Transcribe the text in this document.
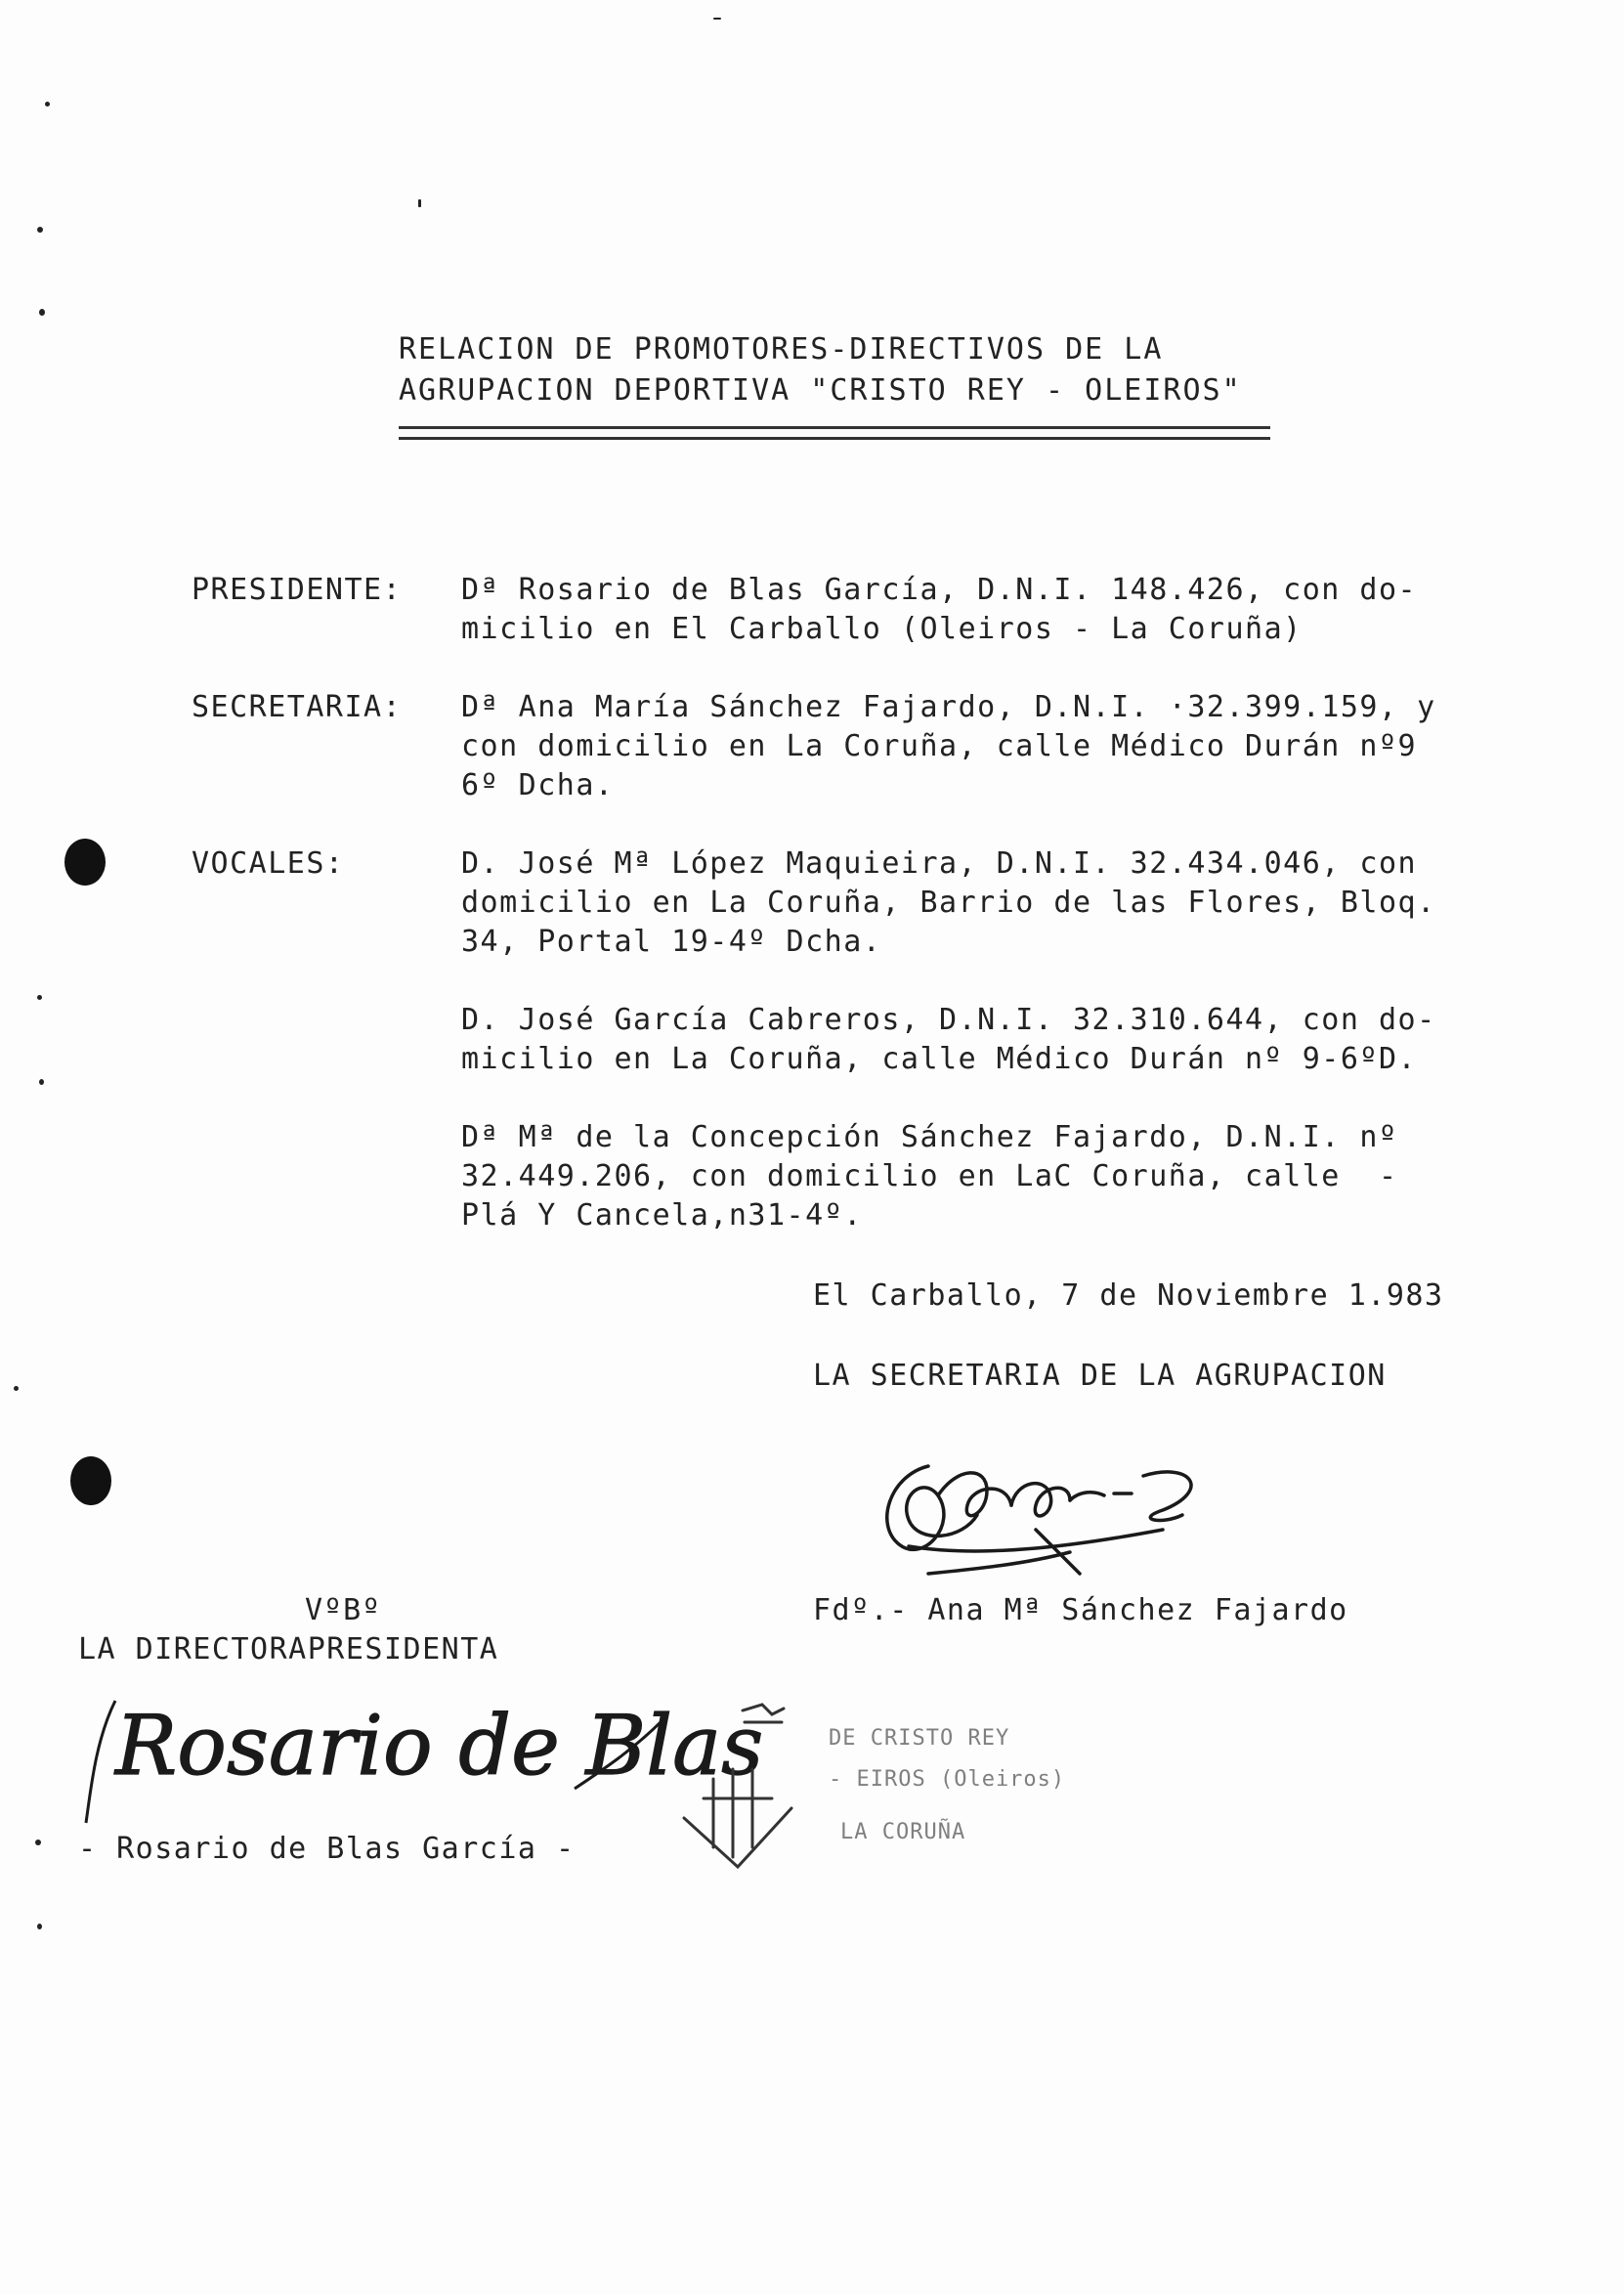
RELACION DE PROMOTORES-DIRECTIVOS DE LA
AGRUPACION DEPORTIVA "CRISTO REY - OLEIROS"
PRESIDENTE: Dª Rosario de Blas García, D.N.I. 148.426, con do-
micilio en El Carballo (Oleiros - La Coruña)
SECRETARIA: Dª Ana María Sánchez Fajardo, D.N.I. ·32.399.159, y
con domicilio en La Coruña, calle Médico Durán nº9
6º Dcha.
VOCALES:	D. José Mª López Maquieira, D.N.I. 32.434.046, con
domicilio en La Coruña, Barrio de las Flores, Bloq.
34, Portal 19-4º Dcha.
D. José García Cabreros, D.N.I. 32.310.644, con do-
micilio en La Coruña, calle Médico Durán nº 9-6ºD.
Dª Mª de la Concepción Sánchez Fajardo, D.N.I. nº
32.449.206, con domicilio en LaC Coruña, calle  -
Plá Y Cancela,n31-4º.
El Carballo, 7 de Noviembre 1.983
LA SECRETARIA DE LA AGRUPACION
Fdº.- Ana Mª Sánchez Fajardo
VºBº
LA DIRECTORAPRESIDENTA
Rosario de Blas
- Rosario de Blas García -
DE CRISTO REY
- EIROS (Oleiros)
LA CORUÑA
